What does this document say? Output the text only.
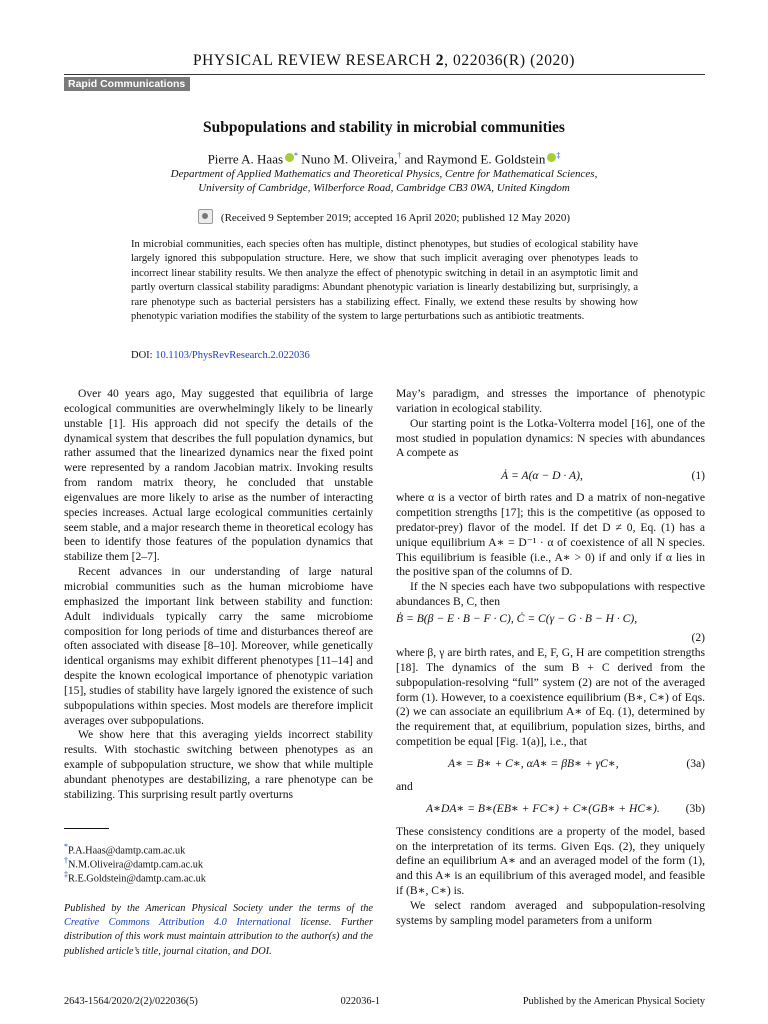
PHYSICAL REVIEW RESEARCH 2, 022036(R) (2020)
Rapid Communications
Subpopulations and stability in microbial communities
Pierre A. Haas * Nuno M. Oliveira,† and Raymond E. Goldstein ‡
Department of Applied Mathematics and Theoretical Physics, Centre for Mathematical Sciences,
University of Cambridge, Wilberforce Road, Cambridge CB3 0WA, United Kingdom
(Received 9 September 2019; accepted 16 April 2020; published 12 May 2020)
In microbial communities, each species often has multiple, distinct phenotypes, but studies of ecological stability have largely ignored this subpopulation structure. Here, we show that such implicit averaging over phenotypes leads to incorrect linear stability results. We then analyze the effect of phenotypic switching in detail in an asymptotic limit and partly overturn classical stability paradigms: Abundant phenotypic variation is linearly destabilizing but, surprisingly, a rare phenotype such as bacterial persisters has a stabilizing effect. Finally, we extend these results by showing how phenotypic variation modifies the stability of the system to large perturbations such as antibiotic treatments.
DOI: 10.1103/PhysRevResearch.2.022036

Over 40 years ago, May suggested that equilibria of large ecological communities are overwhelmingly likely to be linearly unstable [1]. His approach did not specify the details of the dynamical system that describes the full population dynamics, but rather assumed that the linearized dynamics near the fixed point were represented by a random Jacobian matrix. Invoking results from random matrix theory, he concluded that unstable eigenvalues are more likely to arise as the number of interacting species increases. Actual large ecological communities certainly seem stable, and a major research theme in theoretical ecology has been to identify those features of the population dynamics that stabilize them [2–7].

Recent advances in our understanding of large natural microbial communities such as the human microbiome have emphasized the important link between stability and function: Adult individuals typically carry the same microbiome composition for long periods of time and disturbances thereof are often associated with disease [8–10]. Moreover, while genetically identical organisms may exhibit different phenotypes [11–14] and despite the known ecological importance of phenotypic variation [15], studies of stability have largely ignored the existence of such subpopulations within species. Most models are therefore implicit averages over subpopulations.

We show here that this averaging yields incorrect stability results. With stochastic switching between phenotypes as an example of subpopulation structure, we show that while multiple abundant phenotypes are destabilizing, a rare phenotype can be stabilizing. This surprising result partly overturns

May’s paradigm, and stresses the importance of phenotypic variation in ecological stability.

Our starting point is the Lotka-Volterra model [16], one of the most studied in population dynamics: N species with abundances A compete as

Ȧ = A(α − D · A),	(1)

where α is a vector of birth rates and D a matrix of non-negative competition strengths [17]; this is the competitive (as opposed to predator-prey) flavor of the model. If det D ≠ 0, Eq. (1) has a unique equilibrium A∗ = D⁻¹ · α of coexistence of all N species. This equilibrium is feasible (i.e., A∗ > 0) if and only if α lies in the positive span of the columns of D.

If the N species each have two subpopulations with respective abundances B, C, then

Ḃ = B(β − E · B − F · C), Ċ = C(γ − G · B − H · C),
(2)

where β, γ are birth rates, and E, F, G, H are competition strengths [18]. The dynamics of the sum B + C derived from the subpopulation-resolving “full” system (2) are not of the averaged form (1). However, to a coexistence equilibrium (B∗, C∗) of Eqs. (2) we can associate an equilibrium A∗ of Eq. (1), determined by the requirement that, at equilibrium, population sizes, births, and competition be equal [Fig. 1(a)], i.e., that

A∗ = B∗ + C∗, αA∗ = βB∗ + γC∗,	(3a)

and

A∗DA∗ = B∗(EB∗ + FC∗) + C∗(GB∗ + HC∗). (3b)

These consistency conditions are a property of the model, based on the interpretation of its terms. Given Eqs. (2), they uniquely define an equilibrium A∗ and an averaged model of the form (1), and this A∗ is an equilibrium of this averaged model, and feasible if (B∗, C∗) is.

We select random averaged and subpopulation-resolving systems by sampling model parameters from a uniform

*P.A.Haas@damtp.cam.ac.uk
†N.M.Oliveira@damtp.cam.ac.uk
‡R.E.Goldstein@damtp.cam.ac.uk
Published by the American Physical Society under the terms of the Creative Commons Attribution 4.0 International license. Further distribution of this work must maintain attribution to the author(s) and the published article’s title, journal citation, and DOI.
2643-1564/2020/2(2)/022036(5)	022036-1	Published by the American Physical Society
